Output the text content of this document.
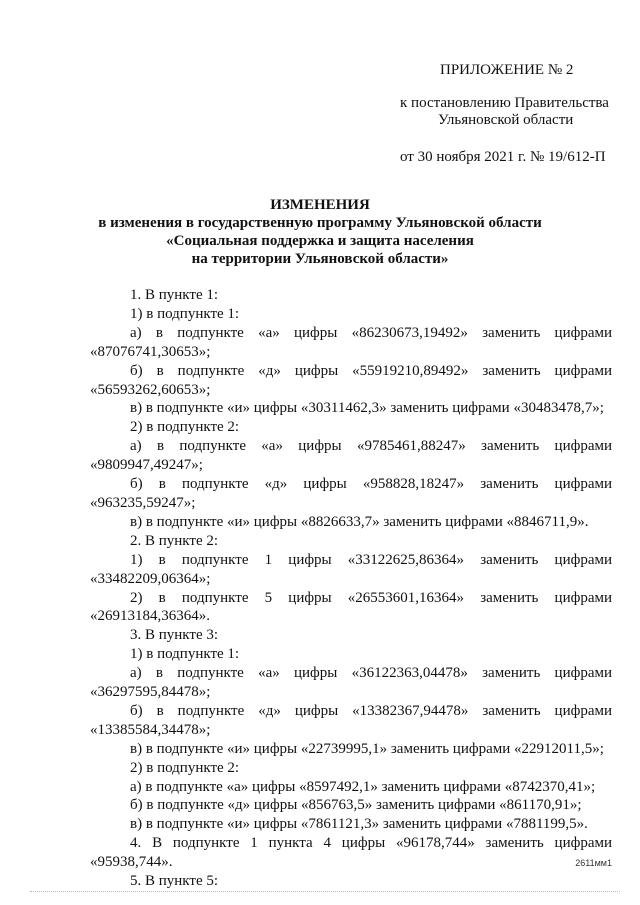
ПРИЛОЖЕНИЕ № 2
к постановлению Правительства
Ульяновской области
от 30 ноября 2021 г. № 19/612-П
ИЗМЕНЕНИЯ
в изменения в государственную программу Ульяновской области
«Социальная поддержка и защита населения
на территории Ульяновской области»
1. В пункте 1:
1) в подпункте 1:
а) в подпункте «а» цифры «86230673,19492» заменить цифрами
«87076741,30653»;
б) в подпункте «д» цифры «55919210,89492» заменить цифрами
«56593262,60653»;
в) в подпункте «и» цифры «30311462,3» заменить цифрами «30483478,7»;
2) в подпункте 2:
а) в подпункте «а» цифры «9785461,88247» заменить цифрами
«9809947,49247»;
б) в подпункте «д» цифры «958828,18247» заменить цифрами
«963235,59247»;
в) в подпункте «и» цифры «8826633,7» заменить цифрами «8846711,9».
2. В пункте 2:
1) в подпункте 1 цифры «33122625,86364» заменить цифрами
«33482209,06364»;
2) в подпункте 5 цифры «26553601,16364» заменить цифрами
«26913184,36364».
3. В пункте 3:
1) в подпункте 1:
а) в подпункте «а» цифры «36122363,04478» заменить цифрами
«36297595,84478»;
б) в подпункте «д» цифры «13382367,94478» заменить цифрами
«13385584,34478»;
в) в подпункте «и» цифры «22739995,1» заменить цифрами «22912011,5»;
2) в подпункте 2:
а) в подпункте «а» цифры «8597492,1» заменить цифрами «8742370,41»;
б) в подпункте «д» цифры «856763,5» заменить цифрами «861170,91»;
в) в подпункте «и» цифры «7861121,3» заменить цифрами «7881199,5».
4. В подпункте 1 пункта 4 цифры «96178,744» заменить цифрами
«95938,744».
5. В пункте 5:
2611мм1
